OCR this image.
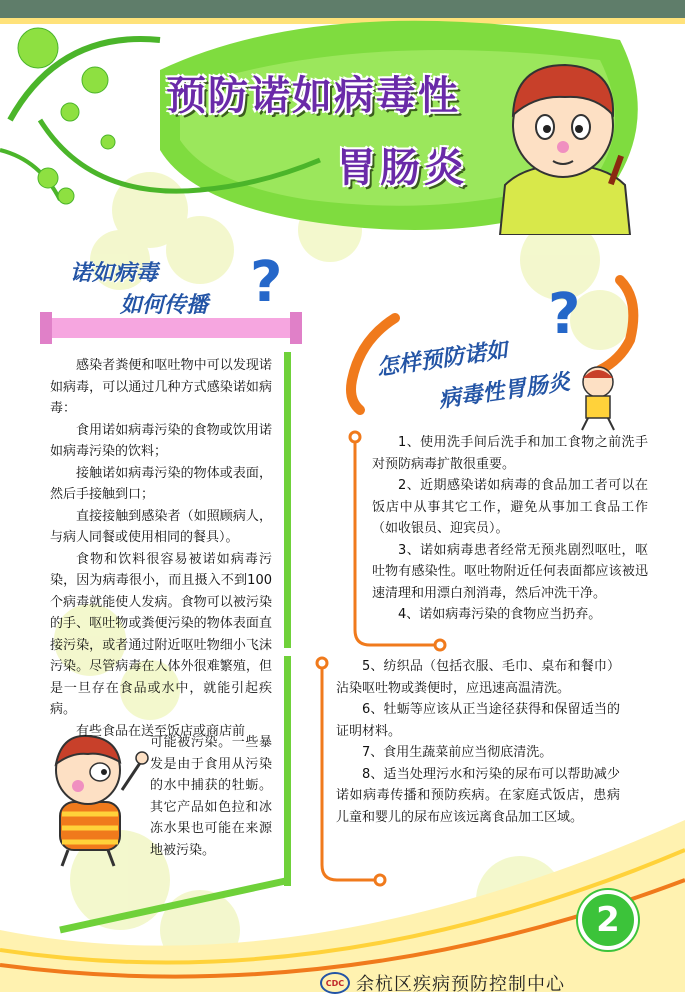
预防诺如病毒性
胃肠炎
诺如病毒
如何传播 ?

感染者粪便和呕吐物中可以发现诺如病毒，可以通过几种方式感染诺如病毒：

食用诺如病毒污染的食物或饮用诺如病毒污染的饮料；

接触诺如病毒污染的物体或表面，然后手接触到口；

直接接触到感染者（如照顾病人，与病人同餐或使用相同的餐具）。

食物和饮料很容易被诺如病毒污染，因为病毒很小，而且摄入不到100个病毒就能使人发病。食物可以被污染的手、呕吐物或粪便污染的物体表面直接污染，或者通过附近呕吐物细小飞沫污染。尽管病毒在人体外很难繁殖，但是一旦存在食品或水中，就能引起疾病。

有些食品在送至饭店或商店前

可能被污染。一些暴发是由于食用从污染的水中捕获的牡蛎。其它产品如色拉和冰冻水果也可能在来源地被污染。

怎样预防诺如
病毒性胃肠炎
?

1、使用洗手间后洗手和加工食物之前洗手对预防病毒扩散很重要。

2、近期感染诺如病毒的食品加工者可以在饭店中从事其它工作，避免从事加工食品工作（如收银员、迎宾员）。

3、诺如病毒患者经常无预兆剧烈呕吐，呕吐物有感染性。呕吐物附近任何表面都应该被迅速清理和用漂白剂消毒，然后冲洗干净。

4、诺如病毒污染的食物应当扔弃。

5、纺织品（包括衣服、毛巾、桌布和餐巾）沾染呕吐物或粪便时，应迅速高温清洗。

6、牡蛎等应该从正当途径获得和保留适当的证明材料。

7、食用生蔬菜前应当彻底清洗。

8、适当处理污水和污染的尿布可以帮助减少诺如病毒传播和预防疾病。在家庭式饭店，患病儿童和婴儿的尿布应该远离食品加工区域。

2
CDC 余杭区疾病预防控制中心
